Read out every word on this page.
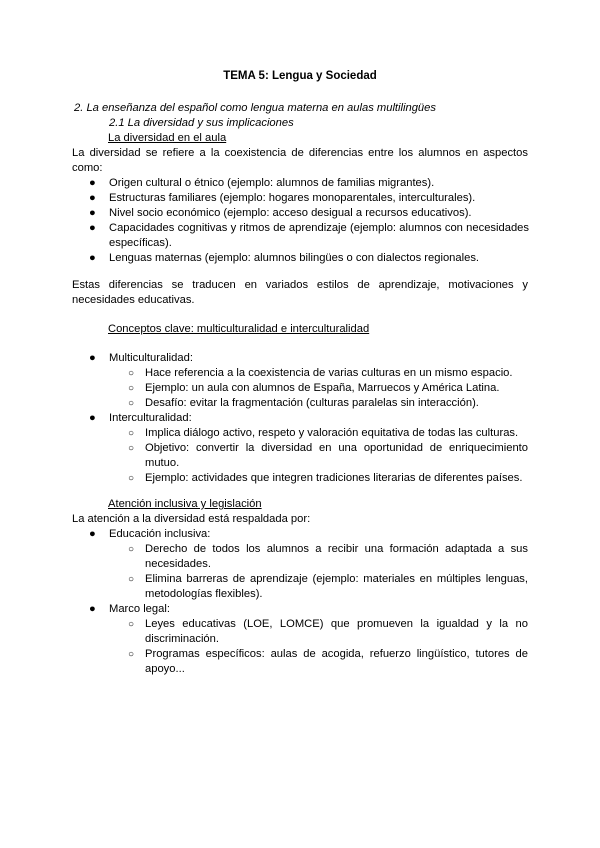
TEMA 5: Lengua y Sociedad
2. La enseñanza del español como lengua materna en aulas multilingües
2.1 La diversidad y sus implicaciones
La diversidad en el aula
La diversidad se refiere a la coexistencia de diferencias entre los alumnos en aspectos como:
● Origen cultural o étnico (ejemplo: alumnos de familias migrantes).
● Estructuras familiares (ejemplo: hogares monoparentales, interculturales).
● Nivel socio económico (ejemplo: acceso desigual a recursos educativos).
● Capacidades cognitivas y ritmos de aprendizaje (ejemplo: alumnos con necesidades específicas).
● Lenguas maternas (ejemplo: alumnos bilingües o con dialectos regionales.
Estas diferencias se traducen en variados estilos de aprendizaje, motivaciones y necesidades educativas.
Conceptos clave: multiculturalidad e interculturalidad
● Multiculturalidad:
○ Hace referencia a la coexistencia de varias culturas en un mismo espacio.
○ Ejemplo: un aula con alumnos de España, Marruecos y América Latina.
○ Desafío: evitar la fragmentación (culturas paralelas sin interacción).
● Interculturalidad:
○ Implica diálogo activo, respeto y valoración equitativa de todas las culturas.
○ Objetivo: convertir la diversidad en una oportunidad de enriquecimiento mutuo.
○ Ejemplo: actividades que integren tradiciones literarias de diferentes países.
Atención inclusiva y legislación
La atención a la diversidad está respaldada por:
● Educación inclusiva:
○ Derecho de todos los alumnos a recibir una formación adaptada a sus necesidades.
○ Elimina barreras de aprendizaje (ejemplo: materiales en múltiples lenguas, metodologías flexibles).
● Marco legal:
○ Leyes educativas (LOE, LOMCE) que promueven la igualdad y la no discriminación.
○ Programas específicos: aulas de acogida, refuerzo lingüístico, tutores de apoyo...
